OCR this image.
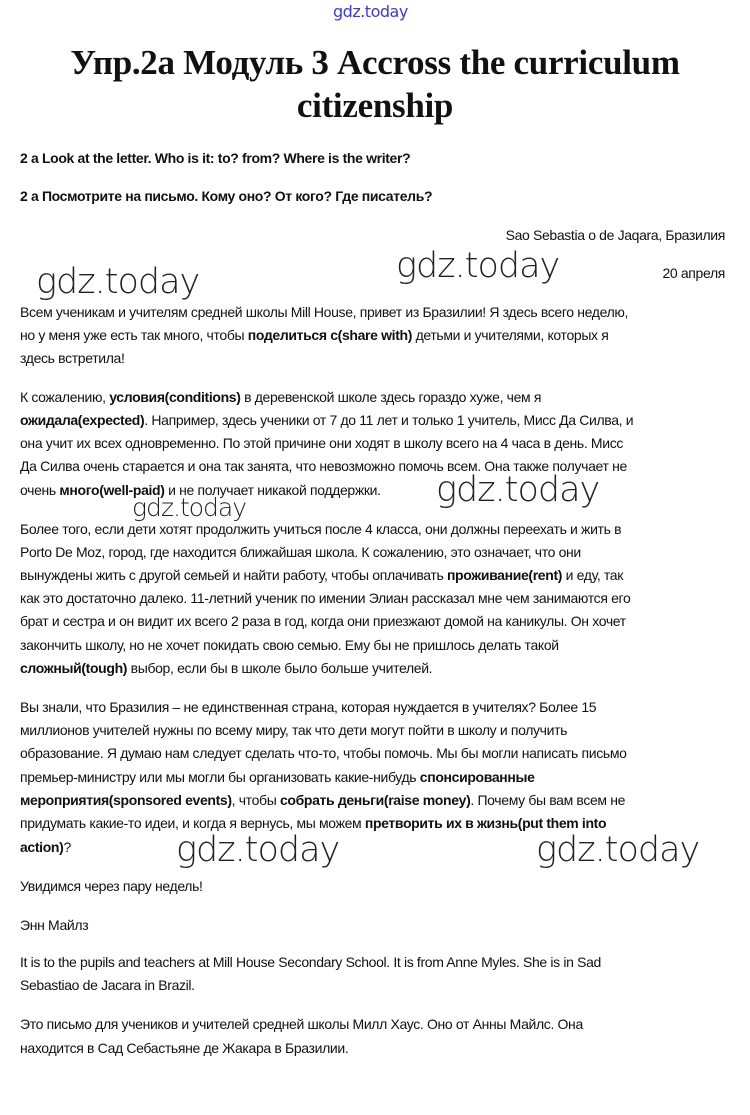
gdz.today
Упр.2а Модуль 3 Accross the curriculum
citizenship
2 a Look at the letter. Who is it: to? from? Where is the writer?
2 а Посмотрите на письмо. Кому оно? От кого? Где писатель?
Sao Sebastia o de Jaqara, Бразилия
20 апреля
Всем ученикам и учителям средней школы Mill House, привет из Бразилии! Я здесь всего неделю,
но у меня уже есть так много, чтобы поделиться с(share with) детьми и учителями, которых я
здесь встретила!
К сожалению, условия(conditions) в деревенской школе здесь гораздо хуже, чем я
ожидала(expected). Например, здесь ученики от 7 до 11 лет и только 1 учитель, Мисс Да Силва, и
она учит их всех одновременно. По этой причине они ходят в школу всего на 4 часа в день. Мисс
Да Силва очень старается и она так занята, что невозможно помочь всем. Она также получает не
очень много(well-paid) и не получает никакой поддержки.
Более того, если дети хотят продолжить учиться после 4 класса, они должны переехать и жить в
Porto De Moz, город, где находится ближайшая школа. К сожалению, это означает, что они
вынуждены жить с другой семьей и найти работу, чтобы оплачивать проживание(rent) и еду, так
как это достаточно далеко. 11-летний ученик по имении Элиан рассказал мне чем занимаются его
брат и сестра и он видит их всего 2 раза в год, когда они приезжают домой на каникулы. Он хочет
закончить школу, но не хочет покидать свою семью. Ему бы не пришлось делать такой
сложный(tough) выбор, если бы в школе было больше учителей.
Вы знали, что Бразилия – не единственная страна, которая нуждается в учителях? Более 15
миллионов учителей нужны по всему миру, так что дети могут пойти в школу и получить
образование. Я думаю нам следует сделать что-то, чтобы помочь. Мы бы могли написать письмо
премьер-министру или мы могли бы организовать какие-нибудь спонсированные
мероприятия(sponsored events), чтобы собрать деньги(raise money). Почему бы вам всем не
придумать какие-то идеи, и когда я вернусь, мы можем претворить их в жизнь(put them into
action)?
Увидимся через пару недель!
Энн Майлз
It is to the pupils and teachers at Mill House Secondary School. It is from Anne Myles. She is in Sad
Sebastiao de Jacara in Brazil.
Это письмо для учеников и учителей средней школы Милл Хаус. Оно от Анны Майлс. Она
находится в Сад Себастьяне де Жакара в Бразилии.
gdz.today	gdz.today
gdz.today
gdz.today
gdz.today	gdz.today
